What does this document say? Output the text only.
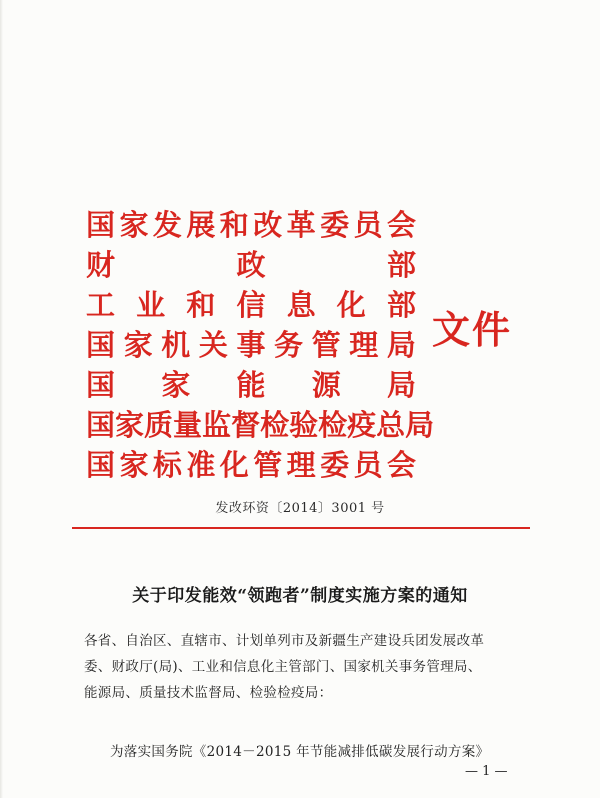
国 家 发 展 和 改 革 委 员 会
财	政	部
工 业 和 信 息 化 部
国 家 机 关 事 务 管 理 局
国 家 能 源 局
国 家 质 量 监 督 检 验 检 疫 总 局
国 家 标 准 化 管 理 委 员 会
文件
发改环资〔2014〕3001 号
关于印发能效“领跑者”制度实施方案的通知
各省、自治区、直辖市、计划单列市及新疆生产建设兵团发展改革
委、财政厅(局)、工业和信息化主管部门、国家机关事务管理局、
能源局、质量技术监督局、检验检疫局：
为落实国务院《2014－2015 年节能减排低碳发展行动方案》
— 1 —
